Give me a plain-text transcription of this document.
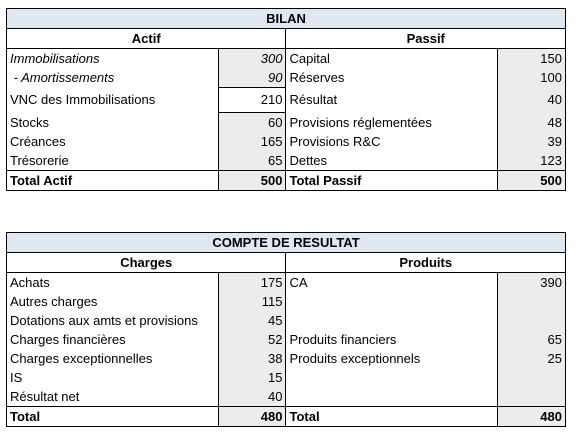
BILAN			
Actif		Passif	
Immobilisations	300	Capital	150
- Amortissements	90	Réserves	100
VNC des Immobilisations	210	Résultat	40
Stocks	60	Provisions réglementées	48
Créances	165	Provisions R&C	39
Trésorerie	65	Dettes	123
Total Actif	500	Total Passif	500
COMPTE DE RESULTAT			
Charges		Produits	
Achats	175	CA	390
Autres charges	115		
Dotations aux amts et provisions	45		
Charges financières	52	Produits financiers	65
Charges exceptionnelles	38	Produits exceptionnels	25
IS	15		
Résultat net	40		
Total	480	Total	480
